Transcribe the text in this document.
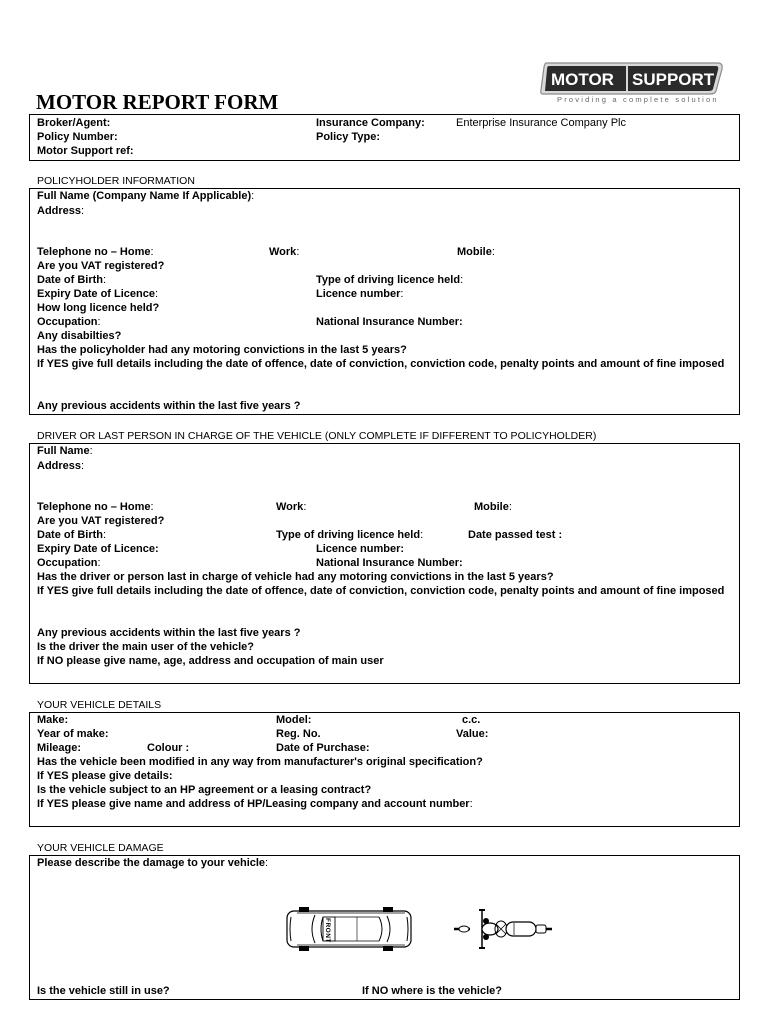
MOTOR SUPPORT
Providing a complete solution
MOTOR REPORT FORM
Broker/Agent:
Policy Number:
Motor Support ref:
Insurance Company:	Enterprise Insurance Company Plc
Policy Type:
POLICYHOLDER INFORMATION
Full Name (Company Name If Applicable):
Address:
Telephone no – Home:	Work:	Mobile:
Are you VAT registered?
Date of Birth:	Type of driving licence held:
Expiry Date of Licence:	Licence number:
How long licence held?
Occupation:	National Insurance Number:
Any disabilties?
Has the policyholder had any motoring convictions in the last 5 years?
If YES give full details including the date of offence, date of conviction, conviction code, penalty points and amount of fine imposed
Any previous accidents within the last five years ?
DRIVER OR LAST PERSON IN CHARGE OF THE VEHICLE (ONLY COMPLETE IF DIFFERENT TO POLICYHOLDER)
Full Name:
Address:
Telephone no – Home:	Work:	Mobile:
Are you VAT registered?
Date of Birth:	Type of driving licence held:	Date passed test :
Expiry Date of Licence:	Licence number:
Occupation:	National Insurance Number:
Has the driver or person last in charge of vehicle had any motoring convictions in the last 5 years?
If YES give full details including the date of offence, date of conviction, conviction code, penalty points and amount of fine imposed
Any previous accidents within the last five years ?
Is the driver the main user of the vehicle?
If NO please give name, age, address and occupation of main user
YOUR VEHICLE DETAILS
Make:	Model:	c.c.
Year of make:	Reg. No.	Value:
Mileage:	Colour :	Date of Purchase:
Has the vehicle been modified in any way from manufacturer's original specification?
If YES please give details:
Is the vehicle subject to an HP agreement or a leasing contract?
If YES please give name and address of HP/Leasing company and account number:
YOUR VEHICLE DAMAGE
Please describe the damage to your vehicle:
FRONT
Is the vehicle still in use?	If NO where is the vehicle?
